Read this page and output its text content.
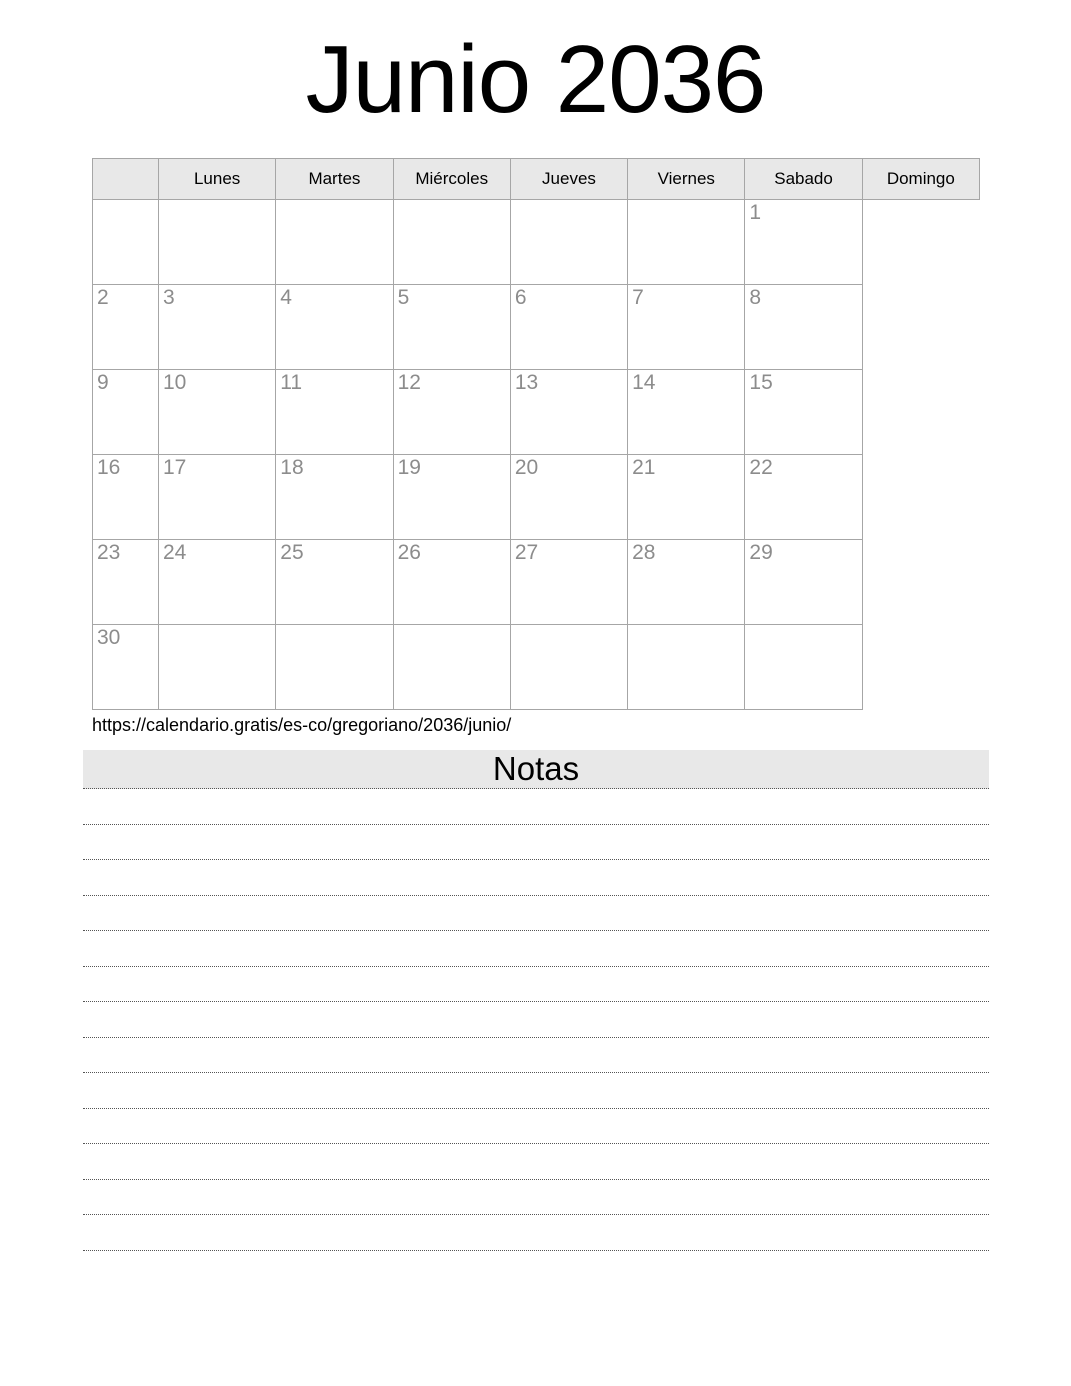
Junio 2036
	Lunes	Martes	Miércoles	Jueves	Viernes	Sabado	Domingo

						1	

2	3	4	5	6	7	8	

9	10	11	12	13	14	15	

16	17	18	19	20	21	22	

23	24	25	26	27	28	29	

30							

https://calendario.gratis/es-co/gregoriano/2036/junio/
Notas
